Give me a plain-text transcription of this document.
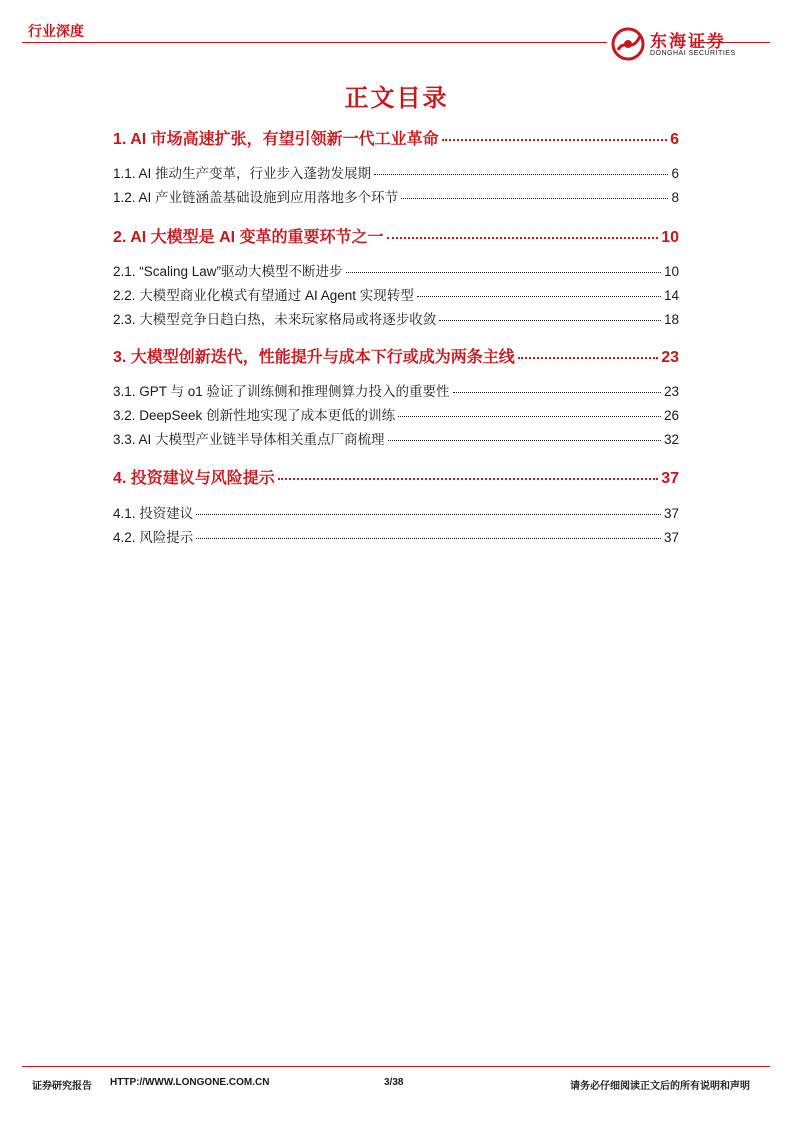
行业深度
东海证券
DONGHAI SECURITIES
正文目录
1. AI 市场高速扩张，有望引领新一代工业革命	6
1.1. AI 推动生产变革，行业步入蓬勃发展期	6
1.2. AI 产业链涵盖基础设施到应用落地多个环节	8
2. AI 大模型是 AI 变革的重要环节之一	10
2.1. “Scaling Law”驱动大模型不断进步	10
2.2. 大模型商业化模式有望通过 AI Agent 实现转型	14
2.3. 大模型竞争日趋白热，未来玩家格局或将逐步收敛	18
3. 大模型创新迭代，性能提升与成本下行或成为两条主线	23
3.1. GPT 与 o1 验证了训练侧和推理侧算力投入的重要性	23
3.2. DeepSeek 创新性地实现了成本更低的训练	26
3.3. AI 大模型产业链半导体相关重点厂商梳理	32
4. 投资建议与风险提示	37
4.1. 投资建议	37
4.2. 风险提示	37
证券研究报告 HTTP://WWW.LONGONE.COM.CN	3/38	请务必仔细阅读正文后的所有说明和声明
